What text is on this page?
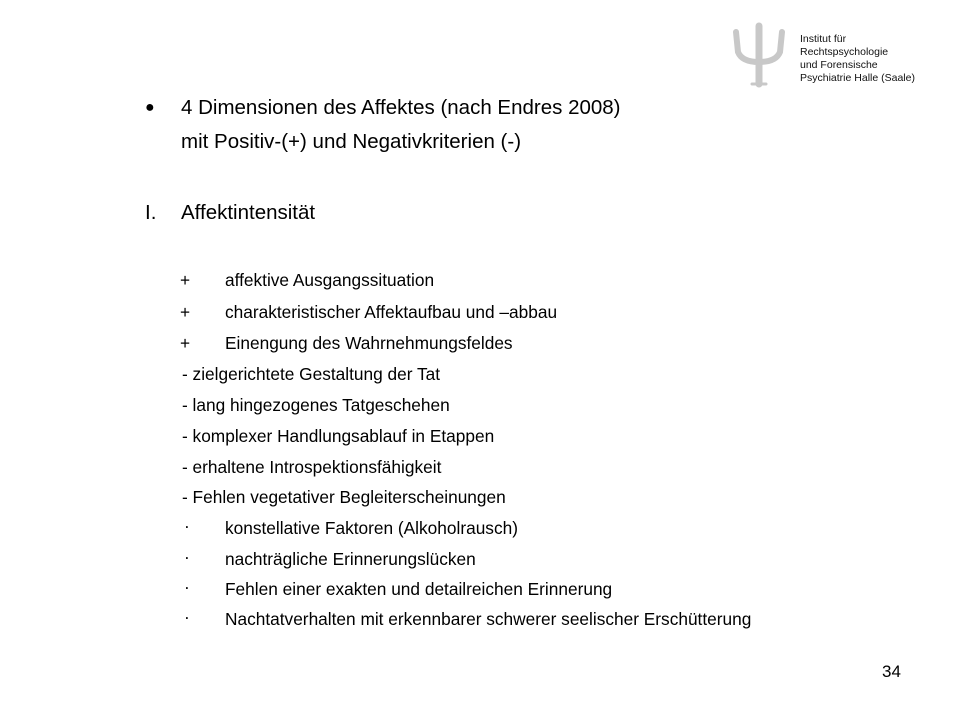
Institut für
Rechtspsychologie
und Forensische
Psychiatrie Halle (Saale)
● 4 Dimensionen des Affektes (nach Endres 2008)
mit Positiv-(+) und Negativkriterien (-)
I. Affektintensität
+ affektive Ausgangssituation
+ charakteristischer Affektaufbau und –abbau
+ Einengung des Wahrnehmungsfeldes
- zielgerichtete Gestaltung der Tat
- lang hingezogenes Tatgeschehen
- komplexer Handlungsablauf in Etappen
- erhaltene Introspektionsfähigkeit
- Fehlen vegetativer Begleiterscheinungen
· konstellative Faktoren (Alkoholrausch)
· nachträgliche Erinnerungslücken
· Fehlen einer exakten und detailreichen Erinnerung
· Nachtatverhalten mit erkennbarer schwerer seelischer Erschütterung
34
